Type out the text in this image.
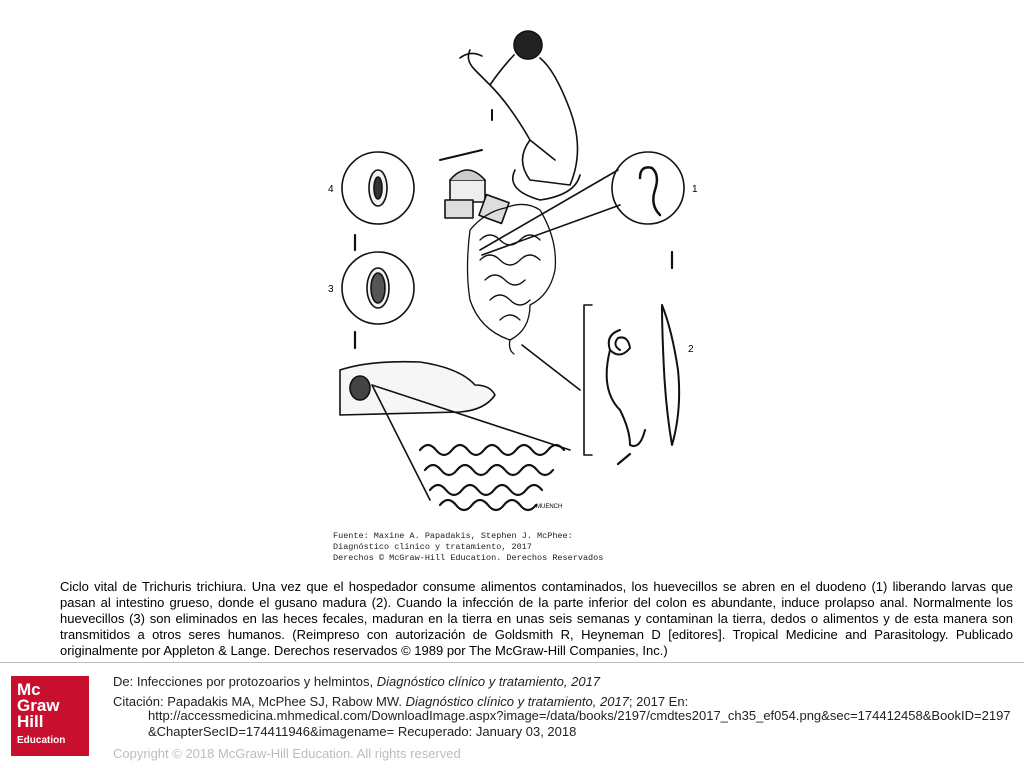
4
3
1
2
MUENCH
Fuente: Maxine A. Papadakis, Stephen J. McPhee:
Diagnóstico clínico y tratamiento, 2017
Derechos © McGraw-Hill Education. Derechos Reservados
Ciclo vital de Trichuris trichiura. Una vez que el hospedador consume alimentos contaminados, los huevecillos se abren en el duodeno (1) liberando larvas que pasan al intestino grueso, donde el gusano madura (2). Cuando la infección de la parte inferior del colon es abundante, induce prolapso anal. Normalmente los huevecillos (3) son eliminados en las heces fecales, maduran en la tierra en unas seis semanas y contaminan la tierra, dedos o alimentos y de esta manera son transmitidos a otros seres humanos. (Reimpreso con autorización de Goldsmith R, Heyneman D [editores]. Tropical Medicine and Parasitology. Publicado originalmente por Appleton & Lange. Derechos reservados © 1989 por The McGraw-Hill Companies, Inc.)
Mc
Graw
Hill
Education
De: Infecciones por protozoarios y helmintos, Diagnóstico clínico y tratamiento, 2017
Citación: Papadakis MA, McPhee SJ, Rabow MW. Diagnóstico clínico y tratamiento, 2017; 2017 En:
http://accessmedicina.mhmedical.com/DownloadImage.aspx?image=/data/books/2197/cmdtes2017_ch35_ef054.png&sec=174412458&BookID=2197&ChapterSecID=174411946&imagename= Recuperado: January 03, 2018
Copyright © 2018 McGraw-Hill Education. All rights reserved
